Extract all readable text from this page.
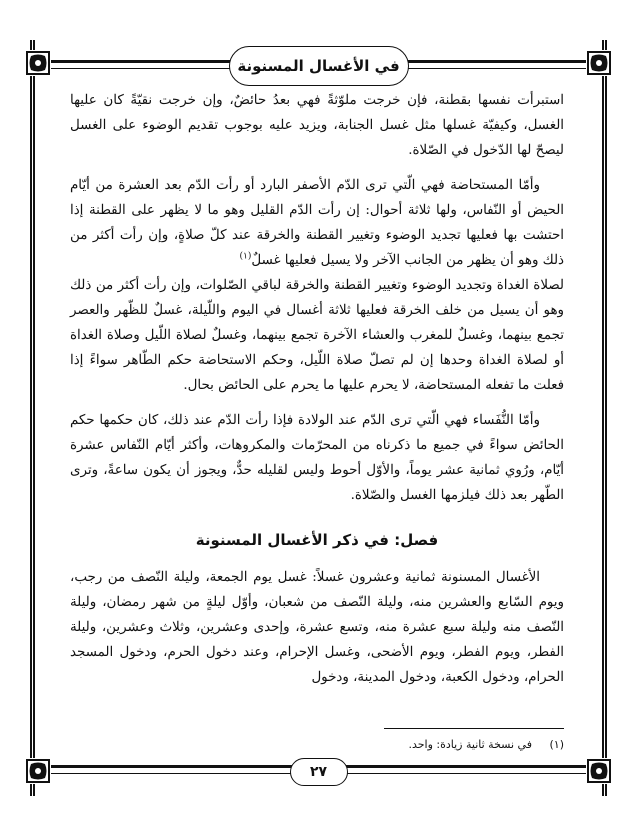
في الأغسال المسنونة
٢٧

استبرأت نفسها بقطنة، فإن خرجت ملوّثةً فهي بعدُ حائضٌ، وإن خرجت نقيّةً كان عليها الغسل، وكيفيّة غسلها مثل غسل الجنابة، ويزيد عليه بوجوب تقديم الوضوء على الغسل ليصحّ لها الدّخول في الصّلاة.

وأمّا المستحاضة فهي الّتي ترى الدّم الأصفر البارد أو رأت الدّم بعد العشرة من أيّام الحيض أو النّفاس، ولها ثلاثة أحوال: إن رأت الدّم القليل وهو ما لا يظهر على القطنة إذا احتشت بها فعليها تجديد الوضوء وتغيير القطنة والخرقة عند كلّ صلاةٍ، وإن رأت أكثر من ذلك وهو أن يظهر من الجانب الآخر ولا يسيل فعليها غسلٌ$^{(١)}$

لصلاة الغداة وتجديد الوضوء وتغيير القطنة والخرقة لباقي الصّلوات، وإن رأت أكثر من ذلك وهو أن يسيل من خلف الخرقة فعليها ثلاثة أغسال في اليوم واللّيلة، غسلٌ للظّهر والعصر تجمع بينهما، وغسلٌ للمغرب والعشاء الآخرة تجمع بينهما، وغسلٌ لصلاة اللّيل وصلاة الغداة أو لصلاة الغداة وحدها إن لم تصلّ صلاة اللّيل، وحكم الاستحاضة حكم الطّاهر سواءً إذا فعلت ما تفعله المستحاضة، لا يحرم عليها ما يحرم على الحائض بحال.

وأمّا النُّفَساء فهي الّتي ترى الدّم عند الولادة فإذا رأت الدّم عند ذلك، كان حكمها حكم الحائض سواءً في جميع ما ذكرناه من المحرّمات والمكروهات، وأكثر أيّام النّفاس عشرة أيّام، ورُوي ثمانية عشر يوماً، والأوّل أحوط وليس لقليله حدٌّ، ويجوز أن يكون ساعةً، وترى الطّهر بعد ذلك فيلزمها الغسل والصّلاة.

فصل: في ذكر الأغسال المسنونة

الأغسال المسنونة ثمانية وعشرون غسلاً: غسل يوم الجمعة، وليلة النّصف من رجب، ويوم السّابع والعشرين منه، وليلة النّصف من شعبان، وأوّل ليلةٍ من شهر رمضان، وليلة النّصف منه وليلة سبع عشرة منه، وتسع عشرة، وإحدى وعشرين، وثلاث وعشرين، وليلة الفطر، ويوم الفطر، ويوم الأضحى، وغسل الإحرام، وعند دخول الحرم، ودخول المسجد الحرام، ودخول الكعبة، ودخول المدينة، ودخول

(١) في نسخة ثانية زيادة: واحد.
